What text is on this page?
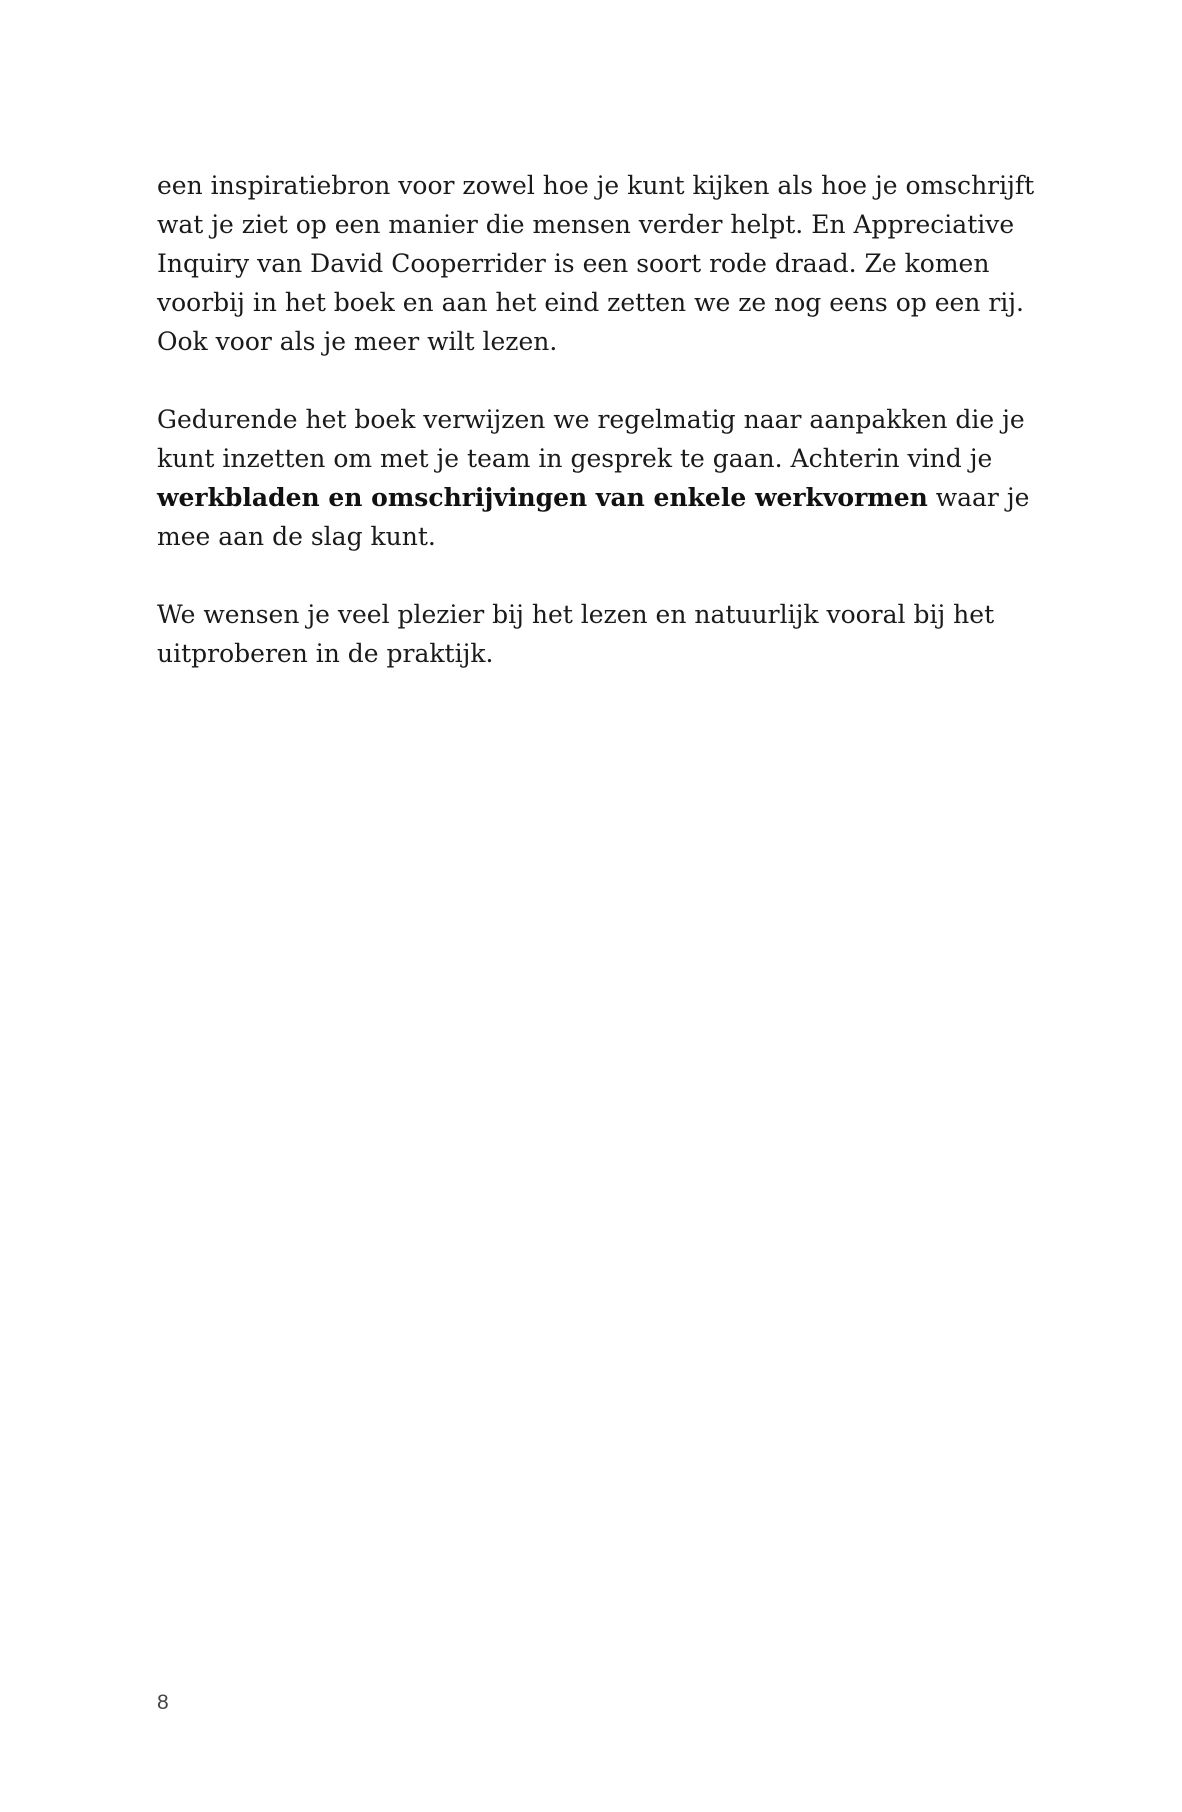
een inspiratiebron voor zowel hoe je kunt kijken als hoe je omschrijft wat je ziet op een manier die mensen verder helpt. En Appreciative Inquiry van David Cooperrider is een soort rode draad. Ze komen voorbij in het boek en aan het eind zetten we ze nog eens op een rij. Ook voor als je meer wilt lezen.

Gedurende het boek verwijzen we regelmatig naar aanpakken die je kunt inzetten om met je team in gesprek te gaan. Achterin vind je werkbladen en omschrijvingen van enkele werkvormen waar je mee aan de slag kunt.

We wensen je veel plezier bij het lezen en natuurlijk vooral bij het uitproberen in de praktijk.

8
